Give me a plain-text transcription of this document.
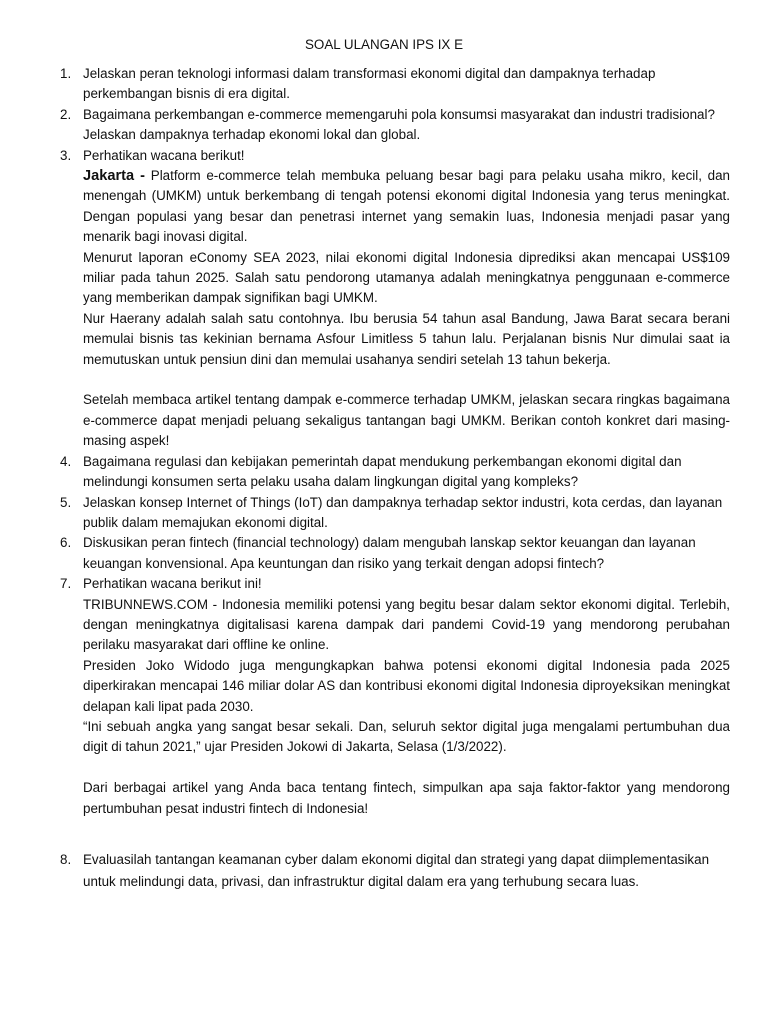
SOAL ULANGAN IPS IX E
1. Jelaskan peran teknologi informasi dalam transformasi ekonomi digital dan dampaknya terhadap perkembangan bisnis di era digital.

2. Bagaimana perkembangan e-commerce memengaruhi pola konsumsi masyarakat dan industri tradisional? Jelaskan dampaknya terhadap ekonomi lokal dan global.

3. Perhatikan wacana berikut!

Jakarta - Platform e-commerce telah membuka peluang besar bagi para pelaku usaha mikro, kecil, dan menengah (UMKM) untuk berkembang di tengah potensi ekonomi digital Indonesia yang terus meningkat. Dengan populasi yang besar dan penetrasi internet yang semakin luas, Indonesia menjadi pasar yang menarik bagi inovasi digital.

Menurut laporan eConomy SEA 2023, nilai ekonomi digital Indonesia diprediksi akan mencapai US$109 miliar pada tahun 2025. Salah satu pendorong utamanya adalah meningkatnya penggunaan e-commerce yang memberikan dampak signifikan bagi UMKM.

Nur Haerany adalah salah satu contohnya. Ibu berusia 54 tahun asal Bandung, Jawa Barat secara berani memulai bisnis tas kekinian bernama Asfour Limitless 5 tahun lalu. Perjalanan bisnis Nur dimulai saat ia memutuskan untuk pensiun dini dan memulai usahanya sendiri setelah 13 tahun bekerja.

Setelah membaca artikel tentang dampak e-commerce terhadap UMKM, jelaskan secara ringkas bagaimana e-commerce dapat menjadi peluang sekaligus tantangan bagi UMKM. Berikan contoh konkret dari masing-masing aspek!

4. Bagaimana regulasi dan kebijakan pemerintah dapat mendukung perkembangan ekonomi digital dan melindungi konsumen serta pelaku usaha dalam lingkungan digital yang kompleks?

5. Jelaskan konsep Internet of Things (IoT) dan dampaknya terhadap sektor industri, kota cerdas, dan layanan publik dalam memajukan ekonomi digital.

6. Diskusikan peran fintech (financial technology) dalam mengubah lanskap sektor keuangan dan layanan keuangan konvensional. Apa keuntungan dan risiko yang terkait dengan adopsi fintech?

7. Perhatikan wacana berikut ini!

TRIBUNNEWS.COM - Indonesia memiliki potensi yang begitu besar dalam sektor ekonomi digital. Terlebih, dengan meningkatnya digitalisasi karena dampak dari pandemi Covid-19 yang mendorong perubahan perilaku masyarakat dari offline ke online.

Presiden Joko Widodo juga mengungkapkan bahwa potensi ekonomi digital Indonesia pada 2025 diperkirakan mencapai 146 miliar dolar AS dan kontribusi ekonomi digital Indonesia diproyeksikan meningkat delapan kali lipat pada 2030.

“Ini sebuah angka yang sangat besar sekali. Dan, seluruh sektor digital juga mengalami pertumbuhan dua digit di tahun 2021,” ujar Presiden Jokowi di Jakarta, Selasa (1/3/2022).

Dari berbagai artikel yang Anda baca tentang fintech, simpulkan apa saja faktor-faktor yang mendorong pertumbuhan pesat industri fintech di Indonesia!

8. Evaluasilah tantangan keamanan cyber dalam ekonomi digital dan strategi yang dapat diimplementasikan untuk melindungi data, privasi, dan infrastruktur digital dalam era yang terhubung secara luas.
